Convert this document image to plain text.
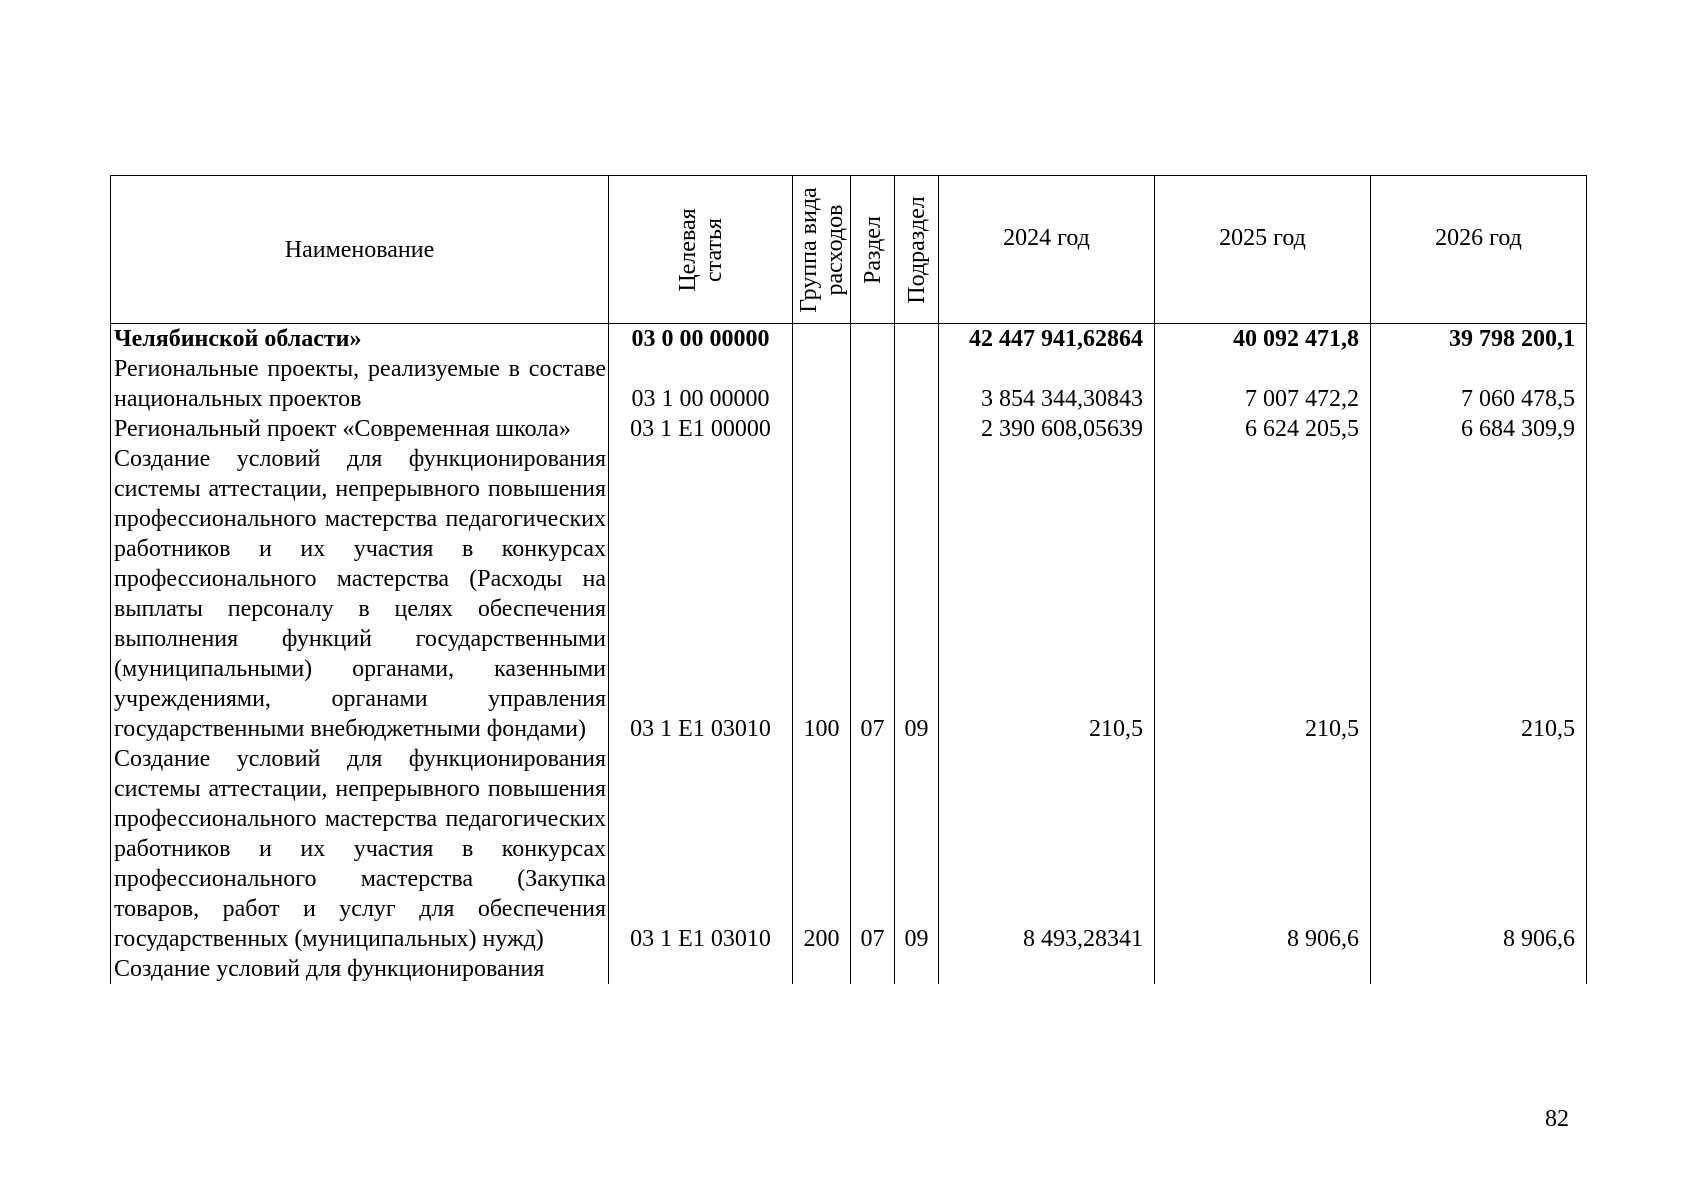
Наименование	Целевая статья	Группа вида расходов	Раздел	Подраздел	2024 год	2025 год	2026 год
Челябинской области»	03 0 00 00000				42 447 941,62864	40 092 471,8	39 798 200,1
Региональные проекты, реализуемые в составе национальных проектов	03 1 00 00000				3 854 344,30843	7 007 472,2	7 060 478,5
Региональный проект «Современная школа»	03 1 E1 00000				2 390 608,05639	6 624 205,5	6 684 309,9
Создание условий для функционирования системы аттестации, непрерывного повышения профессионального мастерства педагогических работников и их участия в конкурсах профессионального мастерства (Расходы на выплаты персоналу в целях обеспечения выполнения функций государственными (муниципальными) органами, казенными учреждениями, органами управления государственными внебюджетными фондами)	03 1 E1 03010	100	07	09	210,5	210,5	210,5
Создание условий для функционирования системы аттестации, непрерывного повышения профессионального мастерства педагогических работников и их участия в конкурсах профессионального мастерства (Закупка товаров, работ и услуг для обеспечения государственных (муниципальных) нужд)	03 1 E1 03010	200	07	09	8 493,28341	8 906,6	8 906,6
Создание условий для функционирования							
82
